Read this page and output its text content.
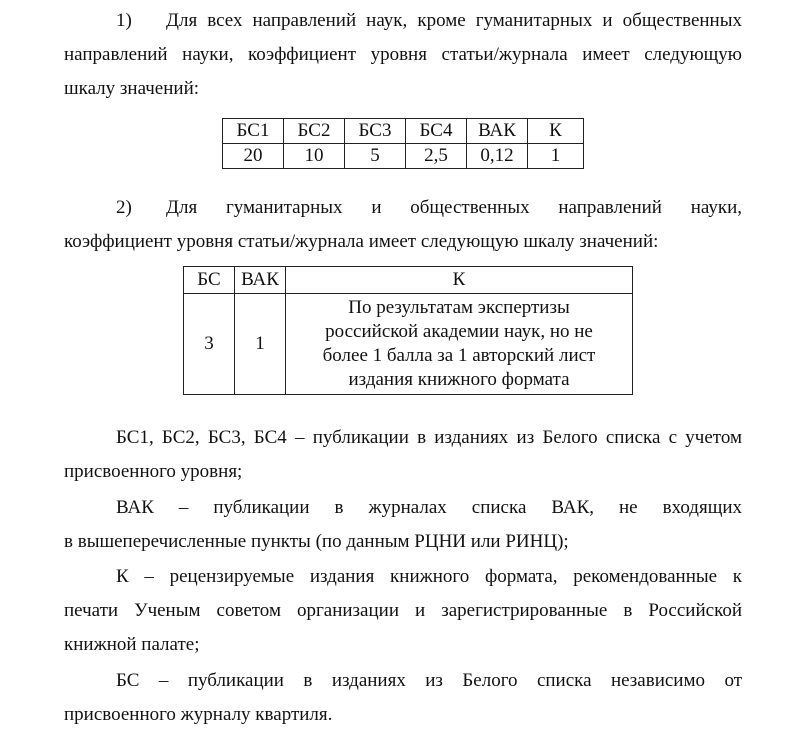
1) Для всех направлений наук, кроме гуманитарных и общественных
направлений науки, коэффициент уровня статьи/журнала имеет следующую
шкалу значений:
БС1	БС2	БС3	БС4	ВАК	К
20	10	5	2,5	0,12	1
2) Для гуманитарных и общественных направлений науки,
коэффициент уровня статьи/журнала имеет следующую шкалу значений:
БС	ВАК	К
3	1	По результатам экспертизы
российской академии наук, но не
более 1 балла за 1 авторский лист
издания книжного формата
БС1, БС2, БС3, БС4 – публикации в изданиях из Белого списка с учетом
присвоенного уровня;
ВАК – публикации в журналах списка ВАК, не входящих
в вышеперечисленные пункты (по данным РЦНИ или РИНЦ);
К – рецензируемые издания книжного формата, рекомендованные к
печати Ученым советом организации и зарегистрированные в Российской
книжной палате;
БС – публикации в изданиях из Белого списка независимо от
присвоенного журналу квартиля.
